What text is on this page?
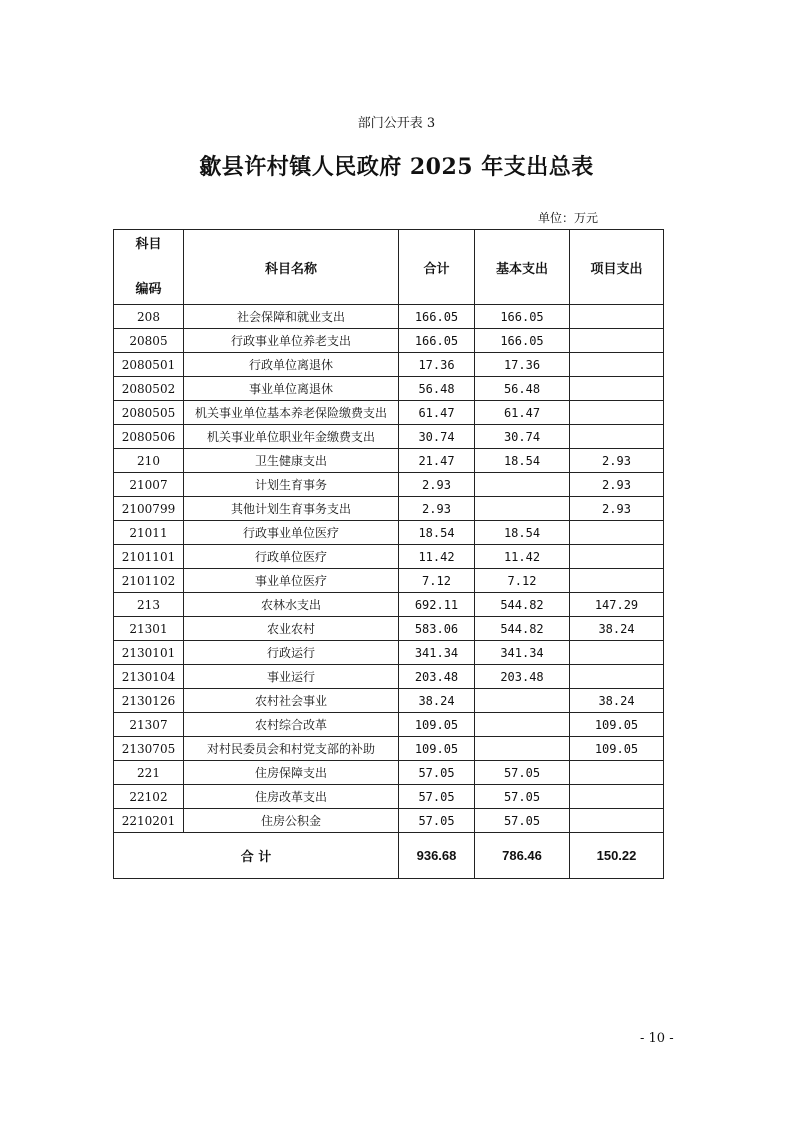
部门公开表 3
歙县许村镇人民政府 2025 年支出总表
单位：万元
科目
编码	科目名称	合计	基本支出	项目支出
208	社会保障和就业支出	166.05	166.05	
20805	行政事业单位养老支出	166.05	166.05	
2080501	行政单位离退休	17.36	17.36	
2080502	事业单位离退休	56.48	56.48	
2080505	机关事业单位基本养老保险缴费支出	61.47	61.47	
2080506	机关事业单位职业年金缴费支出	30.74	30.74	
210	卫生健康支出	21.47	18.54	2.93
21007	计划生育事务	2.93		2.93
2100799	其他计划生育事务支出	2.93		2.93
21011	行政事业单位医疗	18.54	18.54	
2101101	行政单位医疗	11.42	11.42	
2101102	事业单位医疗	7.12	7.12	
213	农林水支出	692.11	544.82	147.29
21301	农业农村	583.06	544.82	38.24
2130101	行政运行	341.34	341.34	
2130104	事业运行	203.48	203.48	
2130126	农村社会事业	38.24		38.24
21307	农村综合改革	109.05		109.05
2130705	对村民委员会和村党支部的补助	109.05		109.05
221	住房保障支出	57.05	57.05	
22102	住房改革支出	57.05	57.05	
2210201	住房公积金	57.05	57.05	
合 计		936.68	786.46	150.22
- 10 -
